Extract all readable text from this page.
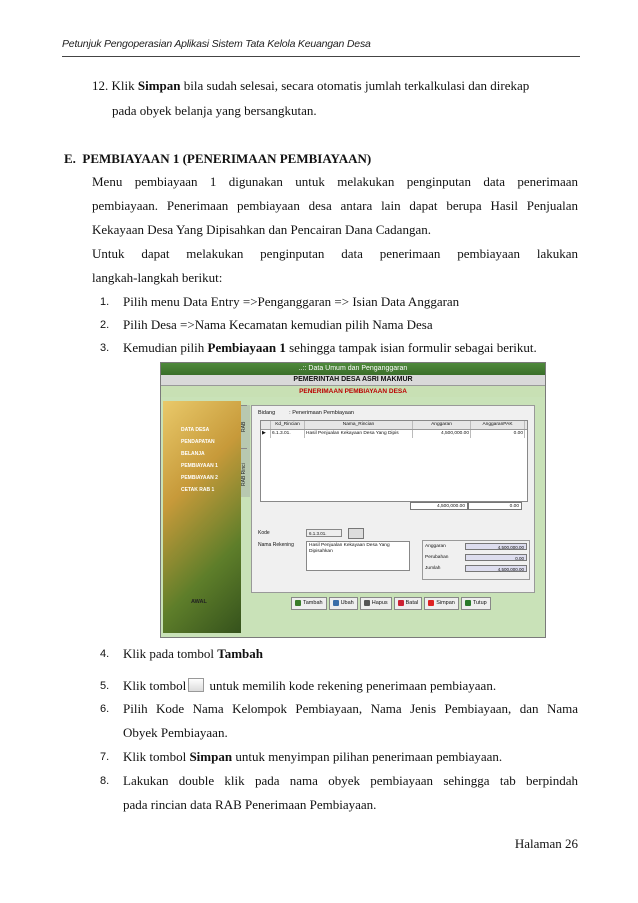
Petunjuk Pengoperasian Aplikasi Sistem Tata Kelola Keuangan Desa
12. Klik Simpan bila sudah selesai, secara otomatis jumlah terkalkulasi dan direkap
pada obyek belanja yang bersangkutan.
E.  PEMBIAYAAN 1 (PENERIMAAN PEMBIAYAAN)
Menu pembiayaan 1 digunakan untuk melakukan penginputan data penerimaan
pembiayaan. Penerimaan pembiayaan desa antara lain dapat berupa Hasil Penjualan
Kekayaan Desa Yang Dipisahkan dan Pencairan Dana Cadangan.
Untuk dapat melakukan penginputan data penerimaan pembiayaan lakukan
langkah-langkah berikut:
1. Pilih menu Data Entry =>Penganggaran => Isian Data Anggaran
2. Pilih Desa =>Nama Kecamatan kemudian pilih Nama Desa
3. Kemudian pilih Pembiayaan 1 sehingga tampak isian formulir sebagai berikut.
..:: Data Umum dan Penganggaran
PEMERINTAH DESA ASRI MAKMUR
PENERIMAAN PEMBIAYAAN DESA
DATA DESA
PENDAPATAN
BELANJA
PEMBIAYAAN 1
PEMBIAYAAN 2
CETAK RAB 1
AWAL
RAB
RAB Rinci
Bidang	: Penerimaan Pembiayaan
Kd_Rincian	Nama_Rincian	Anggaran	AnggaranPAK
▶	6.1.3.01.	Hasil Penjualan Kekayaan Desa Yang Dipis	4,500,000.00	0.00
4,500,000.00	0.00
Kode	6.1.3.01.
Nama Rekening	Hasil Penjualan Kekayaan Desa Yang Dipisahkan
Anggaran	4,500,000.00
Perubahan	0.00
Jumlah	4,500,000.00
Tambah	Ubah	Hapus	Batal	Simpan	Tutup
4. Klik pada tombol Tambah
5. Klik tombol untuk memilih kode rekening penerimaan pembiayaan.
6. Pilih Kode Nama Kelompok Pembiayaan, Nama Jenis Pembiayaan, dan Nama
Obyek Pembiayaan.
7. Klik tombol Simpan untuk menyimpan pilihan penerimaan pembiayaan.
8. Lakukan double klik pada nama obyek pembiayaan sehingga tab berpindah
pada rincian data RAB Penerimaan Pembiayaan.
Halaman 26
